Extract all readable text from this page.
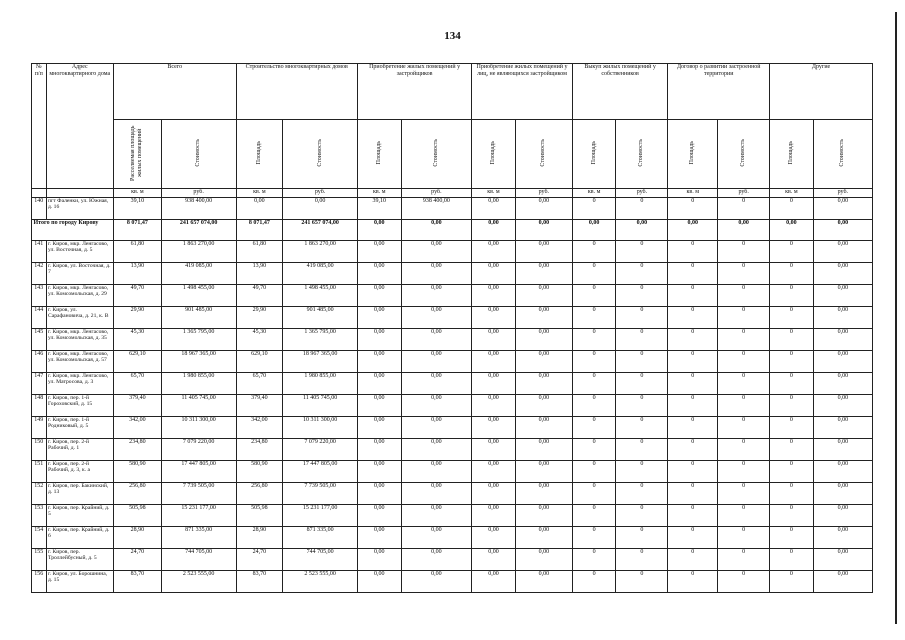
134
№ п/п	Адрес многоквартирного дома	Всего		Строительство многоквартирных домов		Приобретение жилых помещений у застройщиков		Приобретение жилых помещений у лиц, не являющихся застройщиком		Выкуп жилых помещений у собственников		Договор о развитии застроенной территории		Другие	
		Расселяемая площадь жилых помещений	Стоимость	Площадь	Стоимость	Площадь	Стоимость	Площадь	Стоимость	Площадь	Стоимость	Площадь	Стоимость	Площадь	Стоимость
		кв. м	руб.	кв. м	руб.	кв. м	руб.	кв. м	руб.	кв. м	руб.	кв. м	руб.	кв. м	руб.
140	пгт Фаленки, ул. Южная, д. 16	39,10	938 400,00	0,00	0,00	39,10	938 400,00	0,00	0,00	0	0	0	0	0	0,00
Итого по городу Кирову		8 071,47	241 657 074,00	8 071,47	241 657 074,00	0,00	0,00	0,00	0,00	0,00	0,00	0,00	0,00	0,00	0,00
141	г. Киров, мкр. Ленгасово, ул. Восточная, д. 5	61,80	1 863 270,00	61,80	1 863 270,00	0,00	0,00	0,00	0,00	0	0	0	0	0	0,00
142	г. Киров, ул. Восточная, д. 7	13,90	419 085,00	13,90	419 085,00	0,00	0,00	0,00	0,00	0	0	0	0	0	0,00
143	г. Киров, мкр. Ленгасово, ул. Комсомольская, д. 29	49,70	1 498 455,00	49,70	1 498 455,00	0,00	0,00	0,00	0,00	0	0	0	0	0	0,00
144	г. Киров, ул. Сарафановича, д. 21, к. В	29,90	901 485,00	29,90	901 485,00	0,00	0,00	0,00	0,00	0	0	0	0	0	0,00
145	г. Киров, мкр. Ленгасово, ул. Комсомольская, д. 35	45,30	1 365 795,00	45,30	1 365 795,00	0,00	0,00	0,00	0,00	0	0	0	0	0	0,00
146	г. Киров, мкр. Ленгасово, ул. Комсомольская, д. 57	629,10	18 967 365,00	629,10	18 967 365,00	0,00	0,00	0,00	0,00	0	0	0	0	0	0,00
147	г. Киров, мкр. Ленгасово, ул. Матросова, д. 3	65,70	1 980 855,00	65,70	1 980 855,00	0,00	0,00	0,00	0,00	0	0	0	0	0	0,00
148	г. Киров, пер. 1-й Гороховский, д. 15	379,40	11 405 745,00	379,40	11 405 745,00	0,00	0,00	0,00	0,00	0	0	0	0	0	0,00
149	г. Киров, пер. 1-й Родниковый, д. 5	342,00	10 311 300,00	342,00	10 311 300,00	0,00	0,00	0,00	0,00	0	0	0	0	0	0,00
150	г. Киров, пер. 2-й Рабочий, д. 1	234,80	7 079 220,00	234,80	7 079 220,00	0,00	0,00	0,00	0,00	0	0	0	0	0	0,00
151	г. Киров, пер. 2-й Рабочий, д. 3, к. а	580,90	17 447 805,00	580,90	17 447 805,00	0,00	0,00	0,00	0,00	0	0	0	0	0	0,00
152	г. Киров, пер. Бакинский, д. 13	256,80	7 739 505,00	256,80	7 739 505,00	0,00	0,00	0,00	0,00	0	0	0	0	0	0,00
153	г. Киров, пер. Крайний, д. 5	505,98	15 231 177,00	505,98	15 231 177,00	0,00	0,00	0,00	0,00	0	0	0	0	0	0,00
154	г. Киров, пер. Крайний, д. 6	28,90	871 335,00	28,90	871 335,00	0,00	0,00	0,00	0,00	0	0	0	0	0	0,00
155	г. Киров, пер. Троллейбусный, д. 5	24,70	744 705,00	24,70	744 705,00	0,00	0,00	0,00	0,00	0	0	0	0	0	0,00
156	г. Киров, ул. Борошнина, д. 15	83,70	2 523 555,00	83,70	2 523 555,00	0,00	0,00	0,00	0,00	0	0	0	0	0	0,00
